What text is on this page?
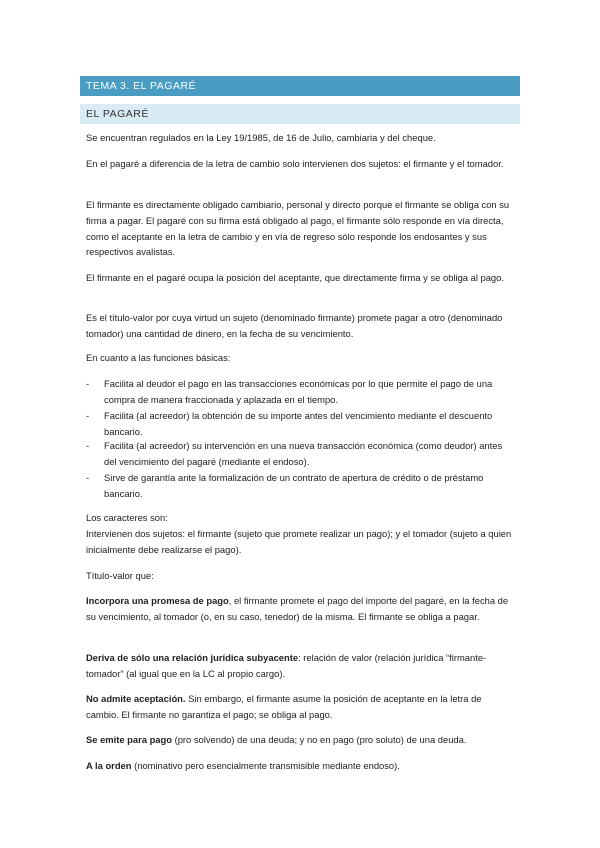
TEMA 3. EL PAGARÉ
EL PAGARÉ

Se encuentran regulados en la Ley 19/1985, de 16 de Julio, cambiaria y del cheque.

En el pagaré a diferencia de la letra de cambio solo intervienen dos sujetos: el firmante y el tomador.

El firmante es directamente obligado cambiario, personal y directo porque el firmante se obliga con su firma a pagar. El pagaré con su firma está obligado al pago, el firmante sólo responde en vía directa, como el aceptante en la letra de cambio y en vía de regreso sólo responde los endosantes y sus respectivos avalistas.

El firmante en el pagaré ocupa la posición del aceptante, que directamente firma y se obliga al pago.

Es el título-valor por cuya virtud un sujeto (denominado firmante) promete pagar a otro (denominado tomador) una cantidad de dinero, en la fecha de su vencimiento.

En cuanto a las funciones básicas:

- Facilita al deudor el pago en las transacciones económicas por lo que permite el pago de una compra de manera fraccionada y aplazada en el tiempo.
- Facilita (al acreedor) la obtención de su importe antes del vencimiento mediante el descuento bancario.
- Facilita (al acreedor) su intervención en una nueva transacción económica (como deudor) antes del vencimiento del pagaré (mediante el endoso).
- Sirve de garantía ante la formalización de un contrato de apertura de crédito o de préstamo bancario.
Los caracteres son:
Intervienen dos sujetos: el firmante (sujeto que promete realizar un pago); y el tomador (sujeto a quien inicialmente debe realizarse el pago).

Título-valor que:

Incorpora una promesa de pago, el firmante promete el pago del importe del pagaré, en la fecha de su vencimiento, al tomador (o, en su caso, tenedor) de la misma. El firmante se obliga a pagar.

Deriva de sólo una relación jurídica subyacente: relación de valor (relación jurídica “firmante-tomador” (al igual que en la LC al propio cargo).

No admite aceptación. Sin embargo, el firmante asume la posición de aceptante en la letra de cambio. El firmante no garantiza el pago; se obliga al pago.

Se emite para pago (pro solvendo) de una deuda; y no en pago (pro soluto) de una deuda.

A la orden (nominativo pero esencialmente transmisible mediante endoso).
